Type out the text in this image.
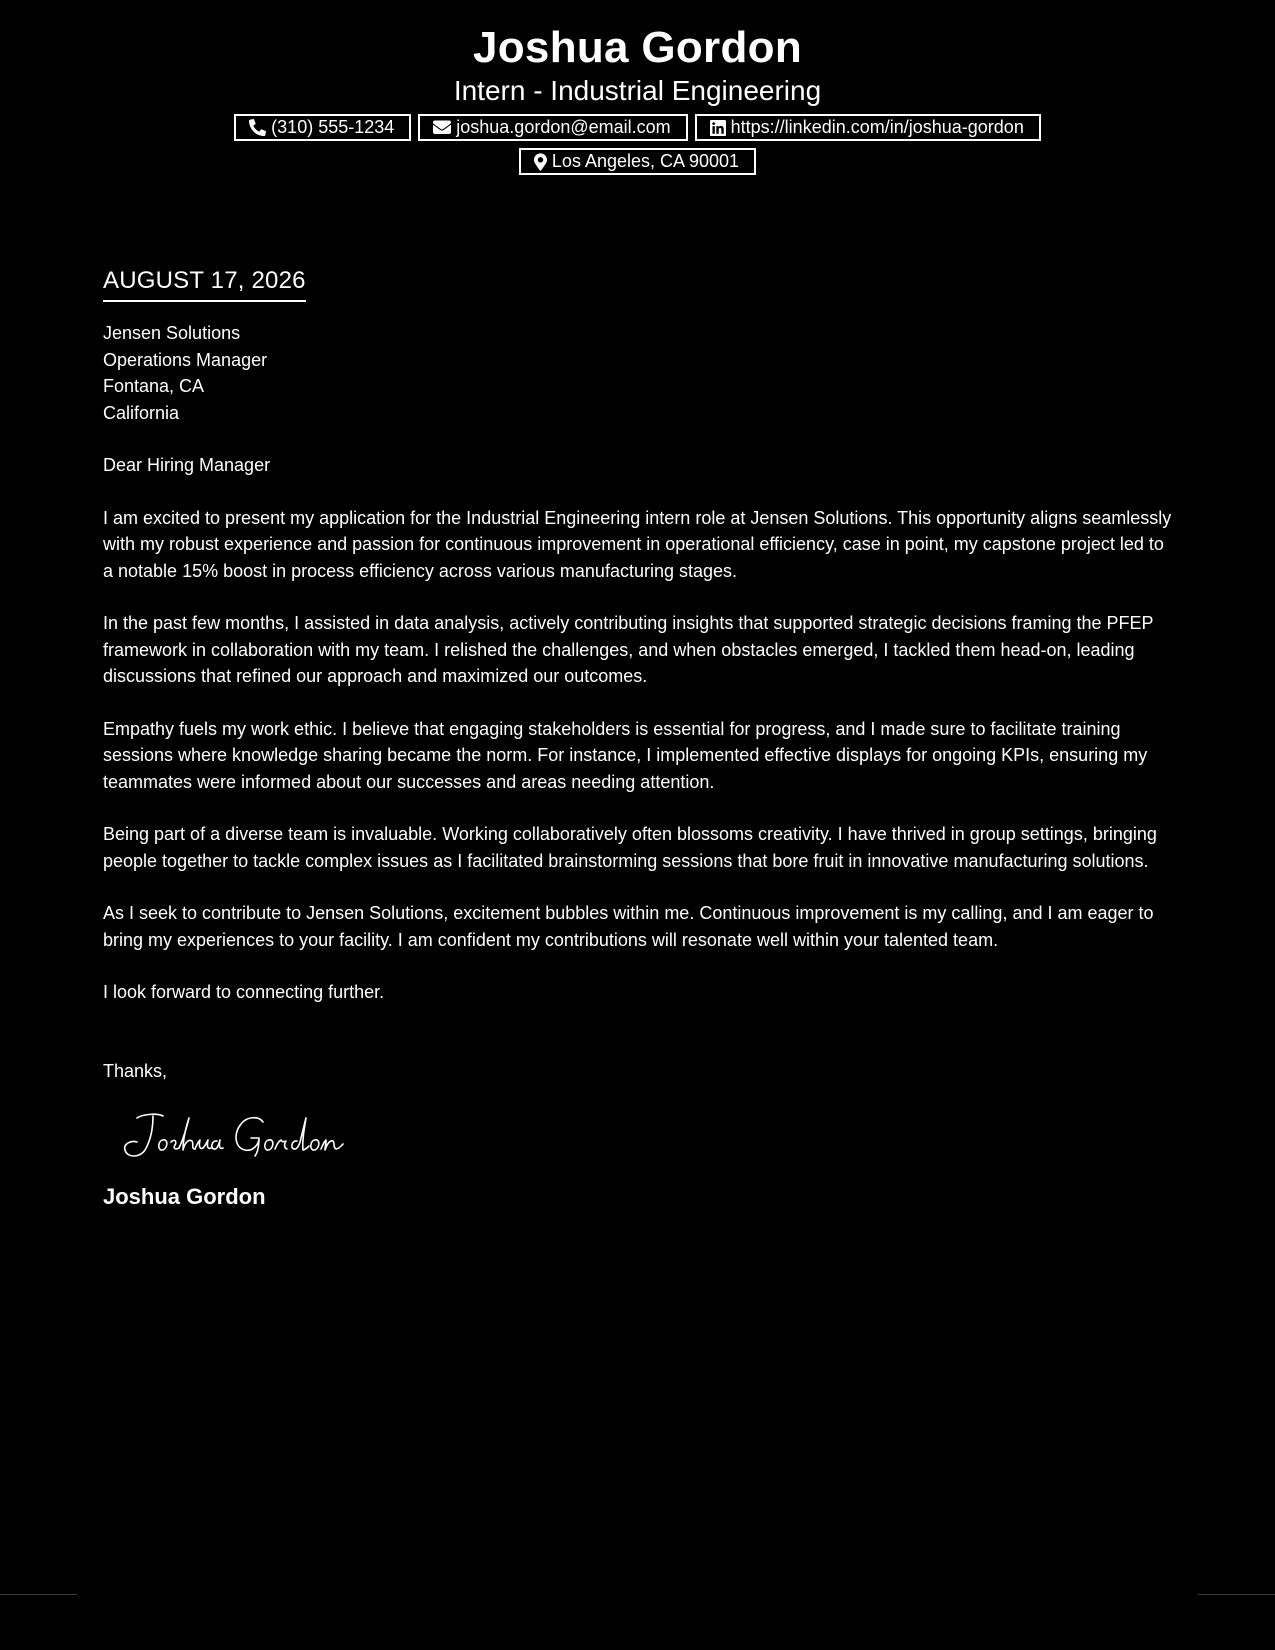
Joshua Gordon
Intern - Industrial Engineering
(310) 555-1234	joshua.gordon@email.com	https://linkedin.com/in/joshua-gordon
Los Angeles, CA 90001
AUGUST 17, 2026
Jensen Solutions
Operations Manager
Fontana, CA
California
Dear Hiring Manager
I am excited to present my application for the Industrial Engineering intern role at Jensen Solutions. This opportunity aligns seamlessly with my robust experience and passion for continuous improvement in operational efficiency, case in point, my capstone project led to a notable 15% boost in process efficiency across various manufacturing stages.
In the past few months, I assisted in data analysis, actively contributing insights that supported strategic decisions framing the PFEP framework in collaboration with my team. I relished the challenges, and when obstacles emerged, I tackled them head-on, leading discussions that refined our approach and maximized our outcomes.
Empathy fuels my work ethic. I believe that engaging stakeholders is essential for progress, and I made sure to facilitate training sessions where knowledge sharing became the norm. For instance, I implemented effective displays for ongoing KPIs, ensuring my teammates were informed about our successes and areas needing attention.
Being part of a diverse team is invaluable. Working collaboratively often blossoms creativity. I have thrived in group settings, bringing people together to tackle complex issues as I facilitated brainstorming sessions that bore fruit in innovative manufacturing solutions.
As I seek to contribute to Jensen Solutions, excitement bubbles within me. Continuous improvement is my calling, and I am eager to bring my experiences to your facility. I am confident my contributions will resonate well within your talented team.
I look forward to connecting further.
Thanks,
Joshua Gordon
